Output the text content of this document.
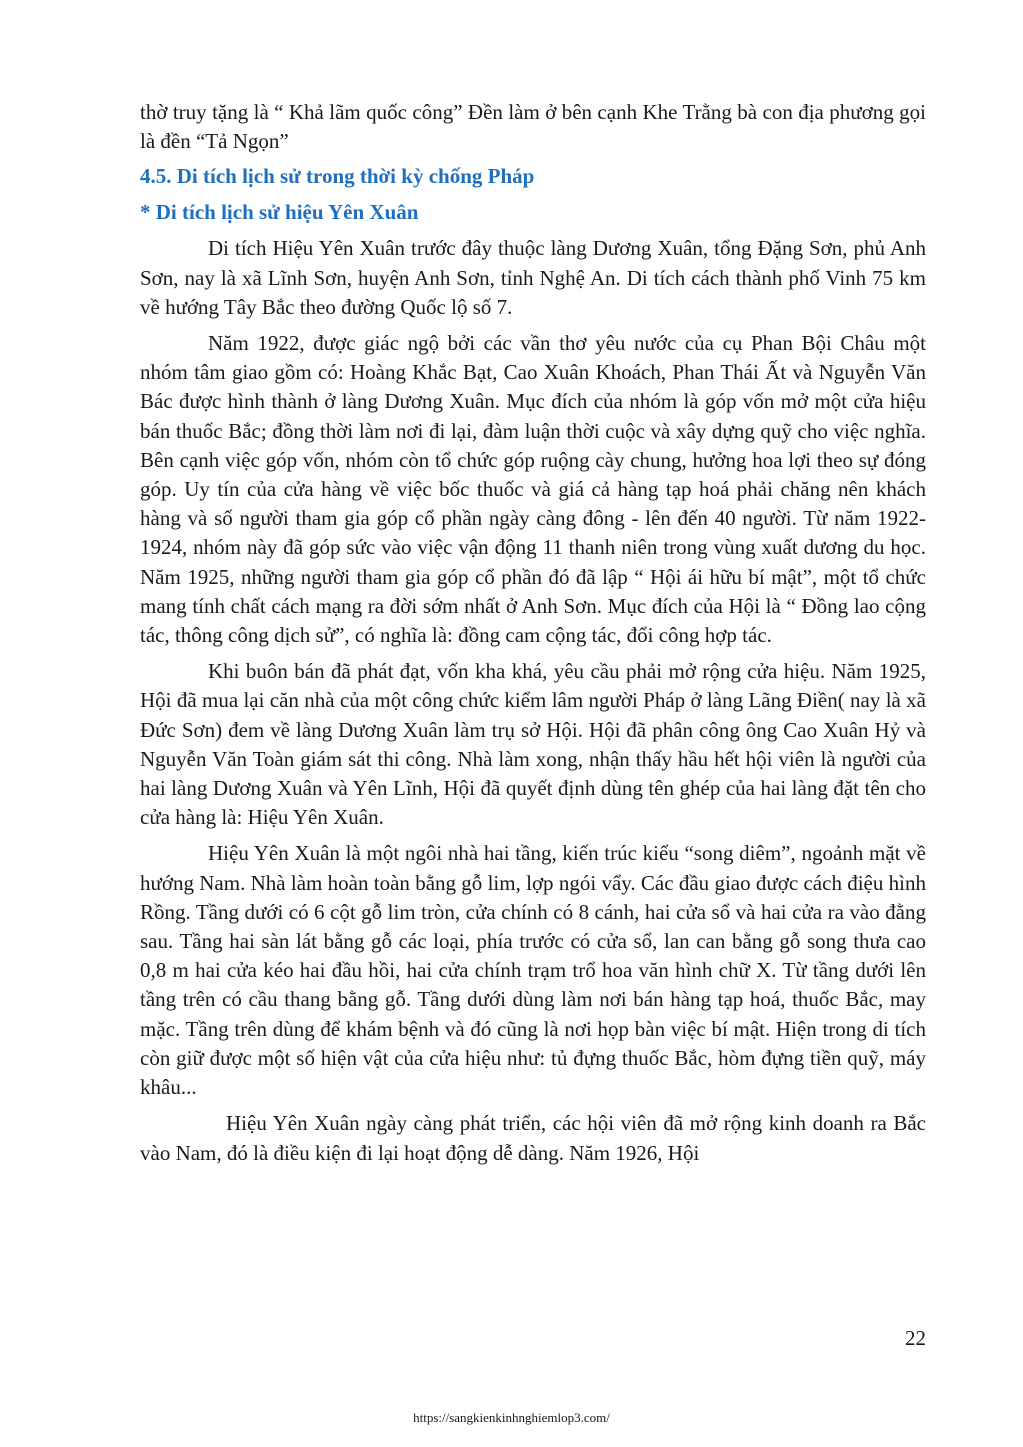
thờ truy tặng là “ Khả lãm quốc công” Đền làm ở bên cạnh Khe Trằng bà con địa phương gọi là đền “Tả Ngọn”

4.5. Di tích lịch sử trong thời kỳ chống Pháp
* Di tích lịch sử hiệu Yên Xuân

Di tích Hiệu Yên Xuân trước đây thuộc làng Dương Xuân, tổng Đặng Sơn, phủ Anh Sơn, nay là xã Lĩnh Sơn, huyện Anh Sơn, tỉnh Nghệ An. Di tích cách thành phố Vinh 75 km về hướng Tây Bắc theo đường Quốc lộ số 7.

Năm 1922, được giác ngộ bởi các vần thơ yêu nước của cụ Phan Bội Châu một nhóm tâm giao gồm có: Hoàng Khắc Bạt, Cao Xuân Khoách, Phan Thái Ất và Nguyễn Văn Bác được hình thành ở làng Dương Xuân. Mục đích của nhóm là góp vốn mở một cửa hiệu bán thuốc Bắc; đồng thời làm nơi đi lại, đàm luận thời cuộc và xây dựng quỹ cho việc nghĩa. Bên cạnh việc góp vốn, nhóm còn tổ chức góp ruộng cày chung, hưởng hoa lợi theo sự đóng góp. Uy tín của cửa hàng về việc bốc thuốc và giá cả hàng tạp hoá phải chăng nên khách hàng và số người tham gia góp cổ phần ngày càng đông - lên đến 40 người. Từ năm 1922-1924, nhóm này đã góp sức vào việc vận động 11 thanh niên trong vùng xuất dương du học. Năm 1925, những người tham gia góp cổ phần đó đã lập “ Hội ái hữu bí mật”, một tổ chức mang tính chất cách mạng ra đời sớm nhất ở Anh Sơn. Mục đích của Hội là “ Đồng lao cộng tác, thông công dịch sử”, có nghĩa là: đồng cam cộng tác, đổi công hợp tác.

Khi buôn bán đã phát đạt, vốn kha khá, yêu cầu phải mở rộng cửa hiệu. Năm 1925, Hội đã mua lại căn nhà của một công chức kiểm lâm người Pháp ở làng Lãng Điền( nay là xã Đức Sơn) đem về làng Dương Xuân làm trụ sở Hội. Hội đã phân công ông Cao Xuân Hỷ và Nguyễn Văn Toàn giám sát thi công. Nhà làm xong, nhận thấy hầu hết hội viên là người của hai làng Dương Xuân và Yên Lĩnh, Hội đã quyết định dùng tên ghép của hai làng đặt tên cho cửa hàng là: Hiệu Yên Xuân.

Hiệu Yên Xuân là một ngôi nhà hai tầng, kiến trúc kiểu “song diêm”, ngoảnh mặt về hướng Nam. Nhà làm hoàn toàn bằng gỗ lim, lợp ngói vẩy. Các đầu giao được cách điệu hình Rồng. Tầng dưới có 6 cột gỗ lim tròn, cửa chính có 8 cánh, hai cửa sổ và hai cửa ra vào đằng sau. Tầng hai sàn lát bằng gỗ các loại, phía trước có cửa sổ, lan can bằng gỗ song thưa cao 0,8 m hai cửa kéo hai đầu hồi, hai cửa chính trạm trổ hoa văn hình chữ X. Từ tầng dưới lên tầng trên có cầu thang bằng gỗ. Tầng dưới dùng làm nơi bán hàng tạp hoá, thuốc Bắc, may mặc. Tầng trên dùng để khám bệnh và đó cũng là nơi họp bàn việc bí mật. Hiện trong di tích còn giữ được một số hiện vật của cửa hiệu như: tủ đựng thuốc Bắc, hòm đựng tiền quỹ, máy khâu...

Hiệu Yên Xuân ngày càng phát triển, các hội viên đã mở rộng kinh doanh ra Bắc vào Nam, đó là điều kiện đi lại hoạt động dễ dàng. Năm 1926, Hội

22
https://sangkienkinhnghiemlop3.com/
